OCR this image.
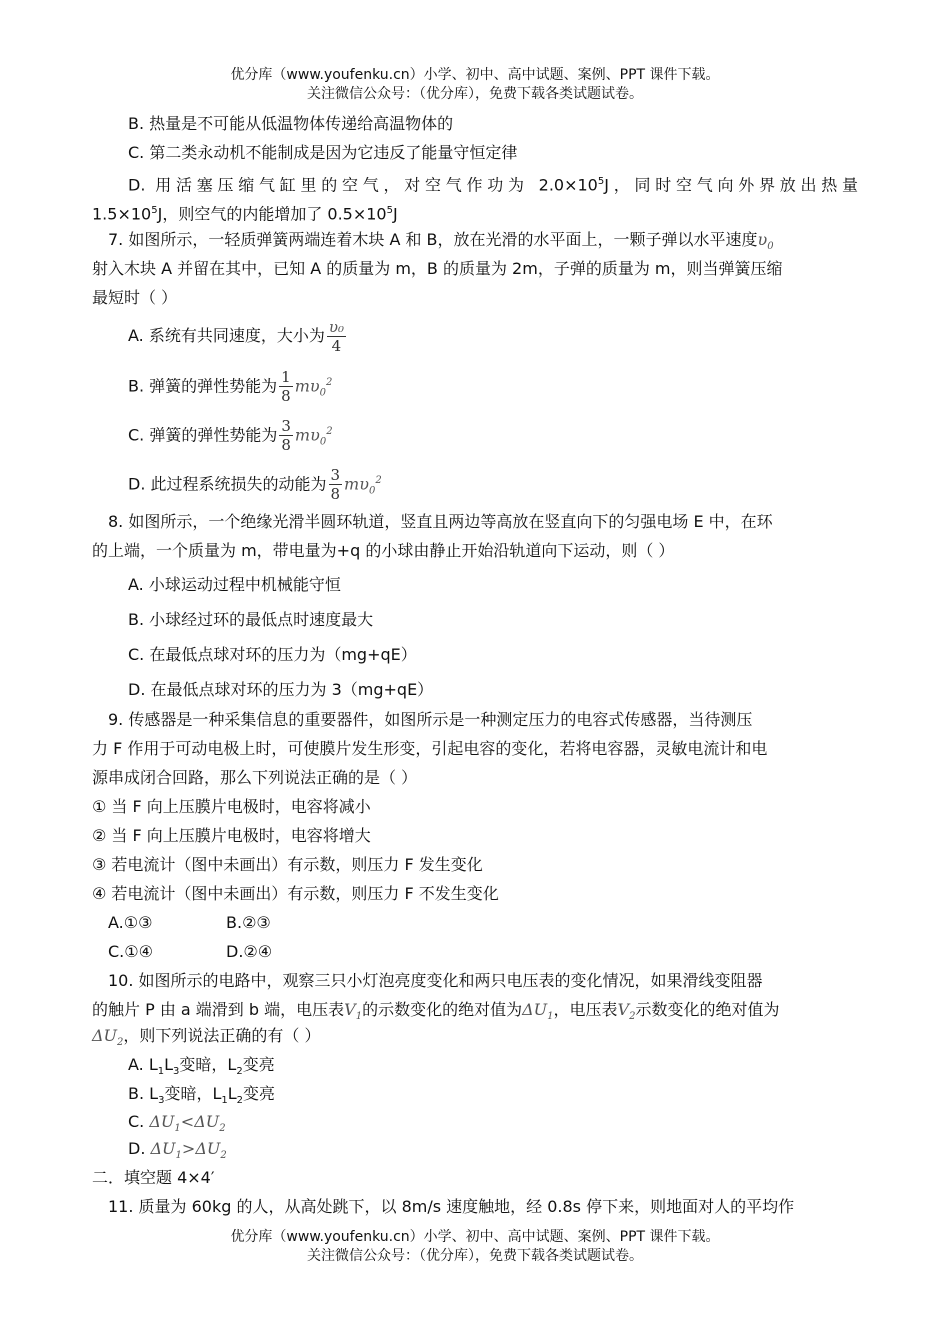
优分库（www.youfenku.cn）小学、初中、高中试题、案例、PPT 课件下载。
关注微信公众号：（优分库），免费下载各类试题试卷。
B. 热量是不可能从低温物体传递给高温物体的
C. 第二类永动机不能制成是因为它违反了能量守恒定律
D. 用活塞压缩气缸里的空气，对空气作功为 $2.0\times 10^5J$，同时空气向外界放出热量
$1.5\times 10^5J$，则空气的内能增加了 $0.5\times 10^5J$
7. 如图所示，一轻质弹簧两端连着木块 A 和 B，放在光滑的水平面上，一颗子弹以水平速度$\upsilon_0$
射入木块 A 并留在其中，已知 A 的质量为 m，B 的质量为 2m，子弹的质量为 m，则当弹簧压缩
最短时（ ）
A. 系统有共同速度，大小为 $\frac{\text{υ₀}}{4}$
B. 弹簧的弹性势能为 $\frac{1}{8} m\upsilon_0^2$
C. 弹簧的弹性势能为 $\frac{3}{8} m\upsilon_0^2$
D. 此过程系统损失的动能为 $\frac{3}{8} m\upsilon_0^2$
8. 如图所示，一个绝缘光滑半圆环轨道，竖直且两边等高放在竖直向下的匀强电场 E 中，在环
的上端，一个质量为 m，带电量为+q 的小球由静止开始沿轨道向下运动，则（ ）
A. 小球运动过程中机械能守恒
B. 小球经过环的最低点时速度最大
C. 在最低点球对环的压力为（mg+qE）
D. 在最低点球对环的压力为 3（mg+qE）
9. 传感器是一种采集信息的重要器件，如图所示是一种测定压力的电容式传感器，当待测压
力 F 作用于可动电极上时，可使膜片发生形变，引起电容的变化，若将电容器，灵敏电流计和电
源串成闭合回路，那么下列说法正确的是（ ）
① 当 F 向上压膜片电极时，电容将减小
② 当 F 向上压膜片电极时，电容将增大
③ 若电流计（图中未画出）有示数，则压力 F 发生变化
④ 若电流计（图中未画出）有示数，则压力 F 不发生变化
A.①③	B.②③
C.①④	D.②④
10. 如图所示的电路中，观察三只小灯泡亮度变化和两只电压表的变化情况，如果滑线变阻器
的触片 P 由 a 端滑到 b 端，电压表$V_1$的示数变化的绝对值为$\Delta U_1$，电压表$V_2$示数变化的绝对值为
$\Delta U_2$，则下列说法正确的有（ ）
A. $L_1L_3$变暗，$L_2$变亮
B. $L_3$变暗，$L_1L_2$变亮
C. $\Delta U_1<\Delta U_2$
D. $\Delta U_1>\Delta U_2$
二．填空题 4×4′
11. 质量为 60kg 的人，从高处跳下，以 8m/s 速度触地，经 0.8s 停下来，则地面对人的平均作
优分库（www.youfenku.cn）小学、初中、高中试题、案例、PPT 课件下载。
关注微信公众号：（优分库），免费下载各类试题试卷。
